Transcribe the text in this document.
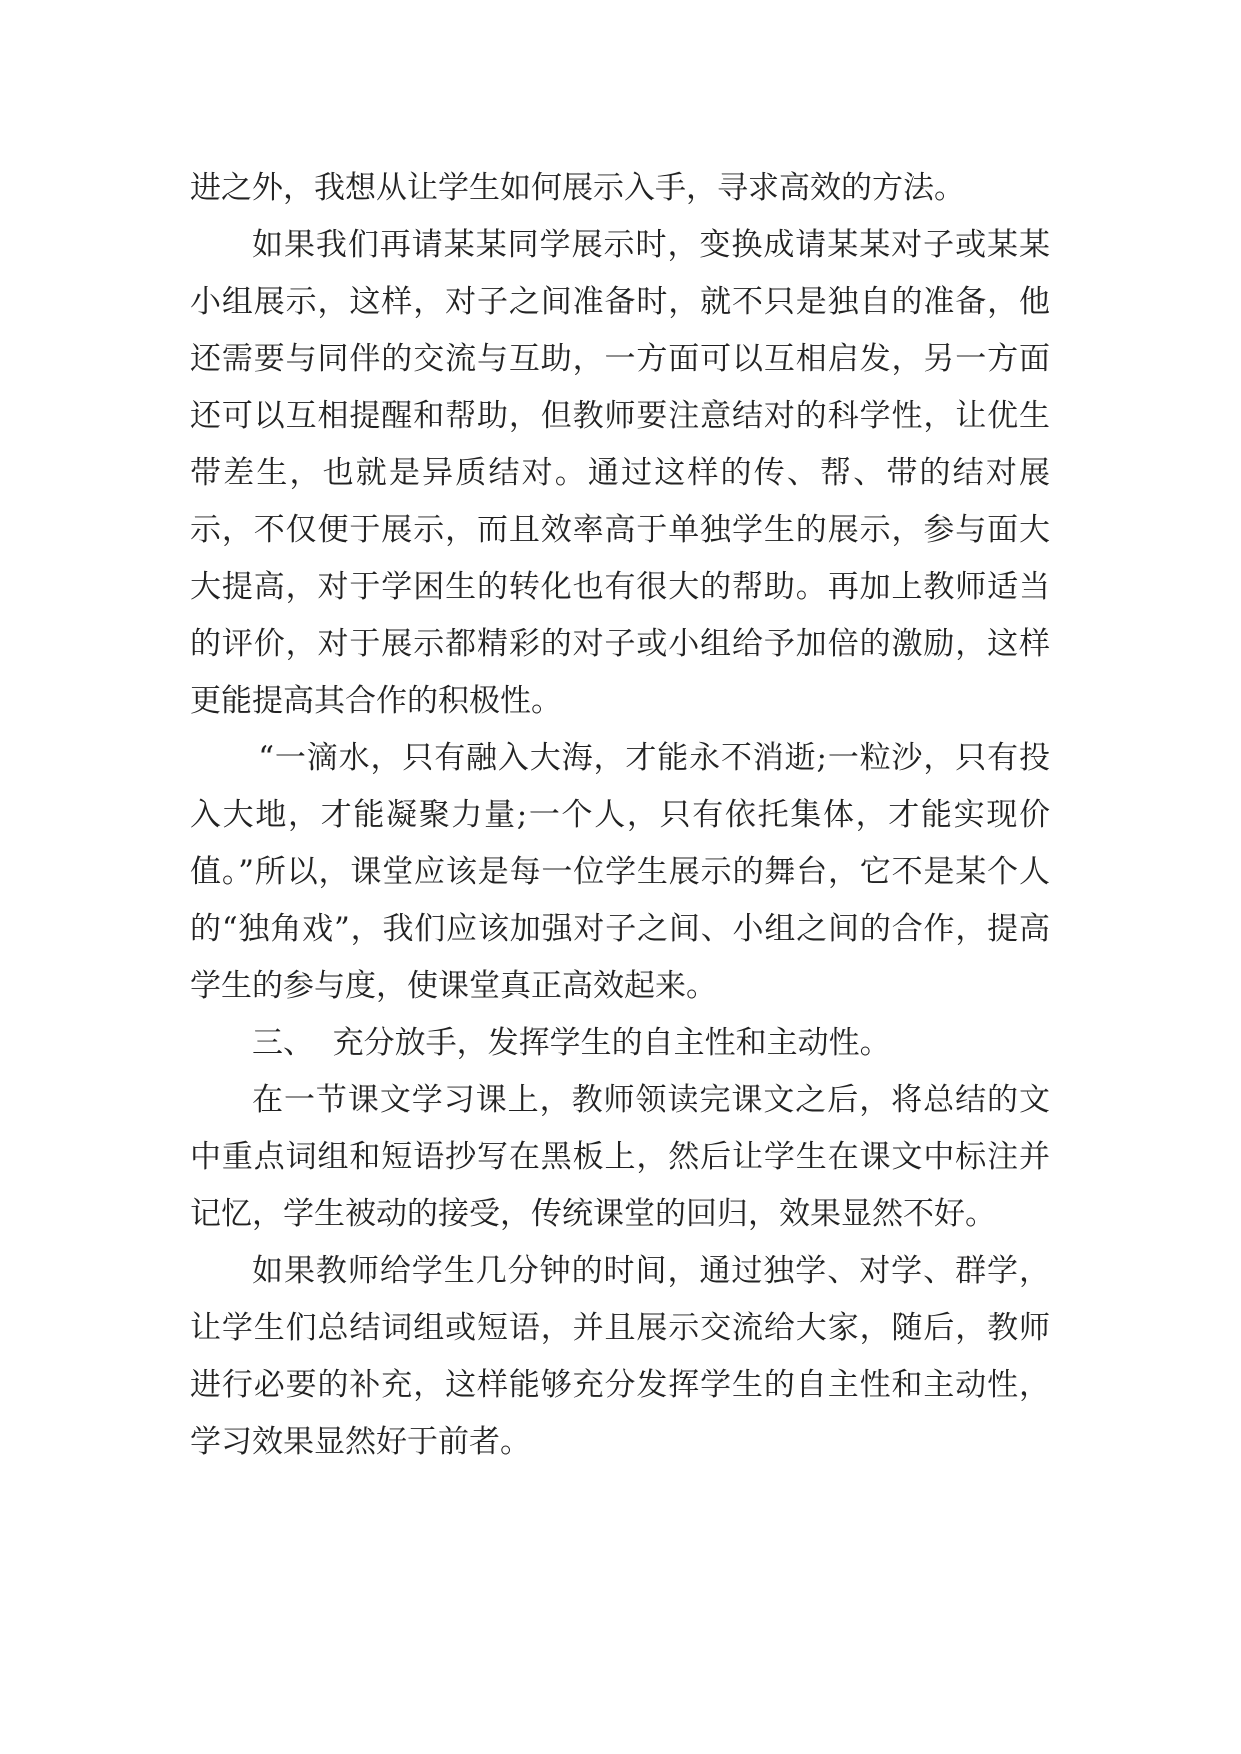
进之外，我想从让学生如何展示入手，寻求高效的方法。

如果我们再请某某同学展示时，变换成请某某对子或某某小组展示，这样，对子之间准备时，就不只是独自的准备，他还需要与同伴的交流与互助，一方面可以互相启发，另一方面还可以互相提醒和帮助，但教师要注意结对的科学性，让优生带差生，也就是异质结对。通过这样的传、帮、带的结对展示，不仅便于展示，而且效率高于单独学生的展示，参与面大大提高，对于学困生的转化也有很大的帮助。再加上教师适当的评价，对于展示都精彩的对子或小组给予加倍的激励，这样更能提高其合作的积极性。

“一滴水，只有融入大海，才能永不消逝;一粒沙，只有投入大地，才能凝聚力量;一个人，只有依托集体，才能实现价值。”所以，课堂应该是每一位学生展示的舞台，它不是某个人的“独角戏”，我们应该加强对子之间、小组之间的合作，提高学生的参与度，使课堂真正高效起来。

三、 充分放手，发挥学生的自主性和主动性。

在一节课文学习课上，教师领读完课文之后，将总结的文中重点词组和短语抄写在黑板上，然后让学生在课文中标注并记忆，学生被动的接受，传统课堂的回归，效果显然不好。

如果教师给学生几分钟的时间，通过独学、对学、群学，让学生们总结词组或短语，并且展示交流给大家，随后，教师进行必要的补充，这样能够充分发挥学生的自主性和主动性，学习效果显然好于前者。
